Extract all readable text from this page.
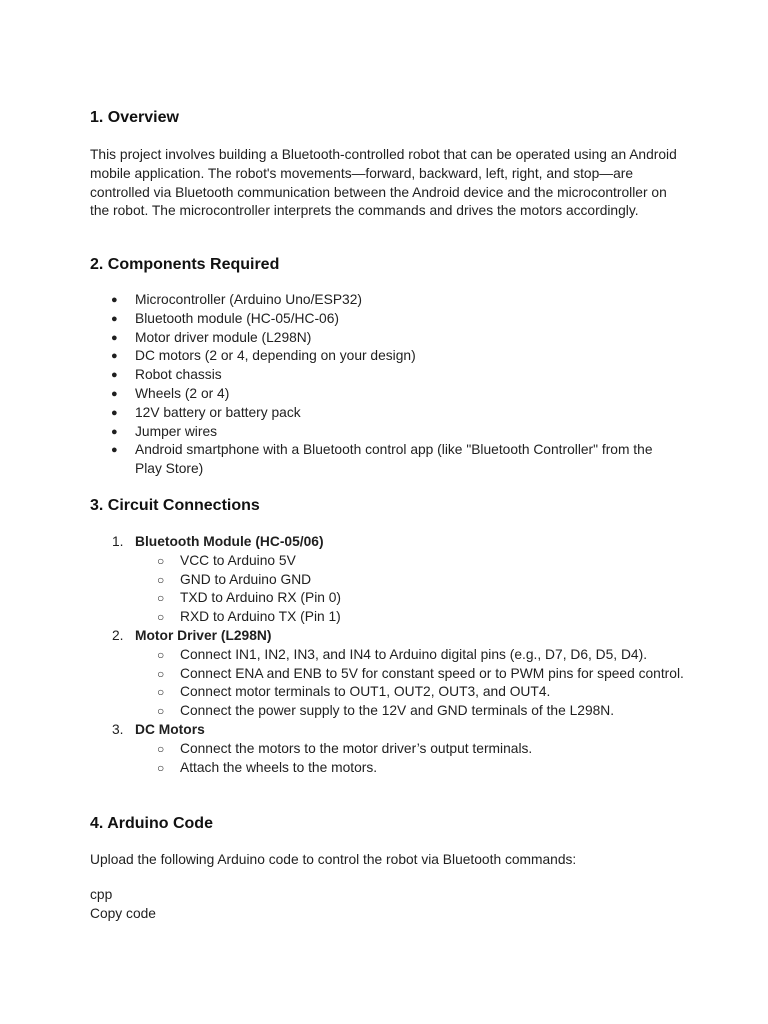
1. Overview

This project involves building a Bluetooth-controlled robot that can be operated using an Android mobile application. The robot's movements—forward, backward, left, right, and stop—are controlled via Bluetooth communication between the Android device and the microcontroller on the robot. The microcontroller interprets the commands and drives the motors accordingly.

2. Components Required
● Microcontroller (Arduino Uno/ESP32)
● Bluetooth module (HC-05/HC-06)
● Motor driver module (L298N)
● DC motors (2 or 4, depending on your design)
● Robot chassis
● Wheels (2 or 4)
● 12V battery or battery pack
● Jumper wires
● Android smartphone with a Bluetooth control app (like "Bluetooth Controller" from the Play Store)
3. Circuit Connections
1. Bluetooth Module (HC-05/06)
○ VCC to Arduino 5V
○ GND to Arduino GND
○ TXD to Arduino RX (Pin 0)
○ RXD to Arduino TX (Pin 1)
2. Motor Driver (L298N)
○ Connect IN1, IN2, IN3, and IN4 to Arduino digital pins (e.g., D7, D6, D5, D4).
○ Connect ENA and ENB to 5V for constant speed or to PWM pins for speed control.
○ Connect motor terminals to OUT1, OUT2, OUT3, and OUT4.
○ Connect the power supply to the 12V and GND terminals of the L298N.
3. DC Motors
○ Connect the motors to the motor driver’s output terminals.
○ Attach the wheels to the motors.
4. Arduino Code

Upload the following Arduino code to control the robot via Bluetooth commands:

cpp

Copy code
